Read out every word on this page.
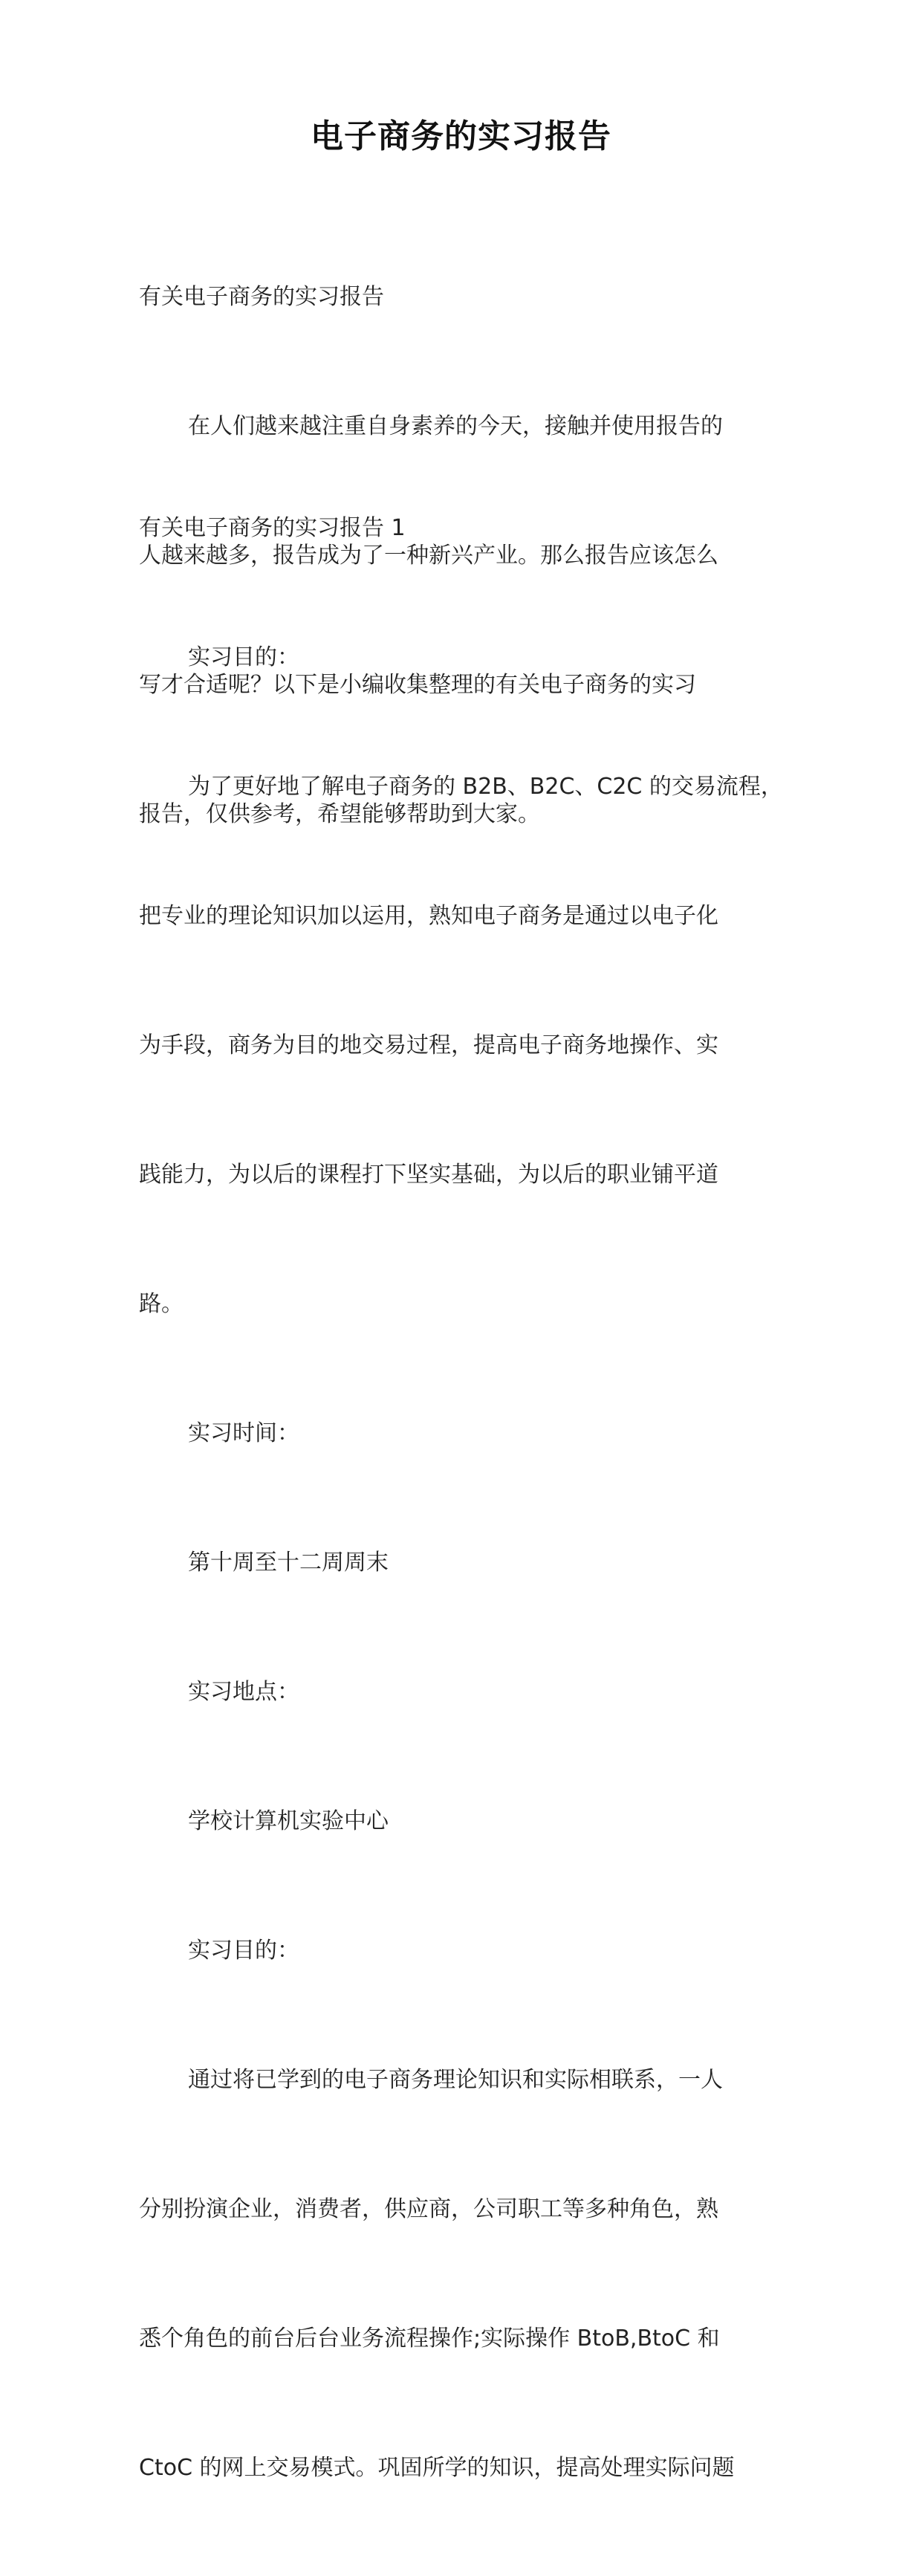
电子商务的实习报告

有关电子商务的实习报告

在人们越来越注重自身素养的今天，接触并使用报告的

人越来越多，报告成为了一种新兴产业。那么报告应该怎么

写才合适呢？以下是小编收集整理的有关电子商务的实习

报告，仅供参考，希望能够帮助到大家。

有关电子商务的实习报告 1

实习目的：

为了更好地了解电子商务的 B2B、B2C、C2C 的交易流程，

把专业的理论知识加以运用，熟知电子商务是通过以电子化

为手段，商务为目的地交易过程，提高电子商务地操作、实

践能力，为以后的课程打下坚实基础，为以后的职业铺平道

路。

实习时间：

第十周至十二周周末

实习地点：

学校计算机实验中心

实习目的：

通过将已学到的电子商务理论知识和实际相联系，一人

分别扮演企业，消费者，供应商，公司职工等多种角色，熟

悉个角色的前台后台业务流程操作;实际操作 BtoB,BtoC 和

CtoC 的网上交易模式。巩固所学的知识，提高处理实际问题
